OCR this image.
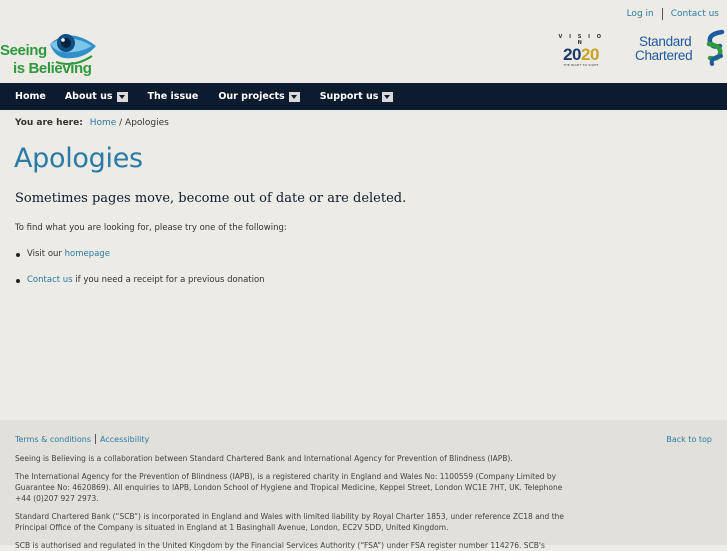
Seeing
is Believing
Log in	Contact us
V I S I O N
2020
THE RIGHT TO SIGHT
Standard
Chartered
Home About us	The issue Our projects	Support us
You are here: Home / Apologies
Apologies
Sometimes pages move, become out of date or are deleted.
To find what you are looking for, please try one of the following:
Visit our homepage
Contact us if you need a receipt for a previous donation
Terms & conditions Accessibility	Back to top

Seeing is Believing is a collaboration between Standard Chartered Bank and International Agency for Prevention of Blindness (IAPB).

The International Agency for the Prevention of Blindness (IAPB), is a registered charity in England and Wales No: 1100559 (Company Limited by Guarantee No: 4620869). All enquiries to IAPB, London School of Hygiene and Tropical Medicine, Keppel Street, London WC1E 7HT, UK. Telephone +44 (0)207 927 2973.

Standard Chartered Bank (“SCB”) is incorporated in England and Wales with limited liability by Royal Charter 1853, under reference ZC18 and the Principal Office of the Company is situated in England at 1 Basinghall Avenue, London, EC2V 5DD, United Kingdom.

SCB is authorised and regulated in the United Kingdom by the Financial Services Authority (“FSA”) under FSA register number 114276. SCB's
